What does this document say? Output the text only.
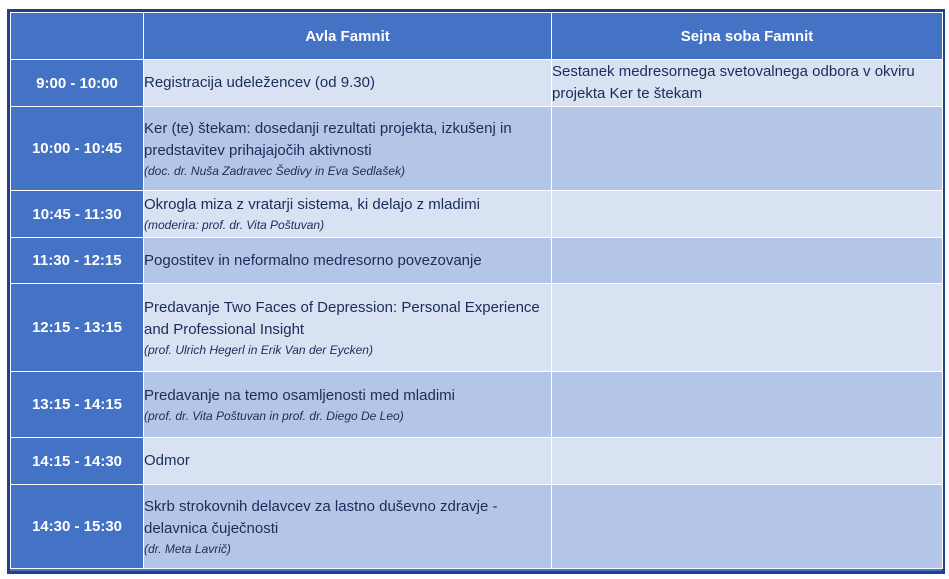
	Avla Famnit	Sejna soba Famnit
9:00 - 10:00	Registracija udeležencev (od 9.30)	Sestanek medresornega svetovalnega odbora v okviru projekta Ker te štekam

10:00 - 10:45	Ker (te) štekam: dosedanji rezultati projekta, izkušenj in predstavitev prihajajočih aktivnosti
(doc. dr. Nuša Zadravec Šedivy in Eva Sedlašek)	

10:45 - 11:30	Okrogla miza z vratarji sistema, ki delajo z mladimi
(moderira: prof. dr. Vita Poštuvan)	

11:30 - 12:15	Pogostitev in neformalno medresorno povezovanje	

12:15 - 13:15	Predavanje Two Faces of Depression: Personal Experience and Professional Insight
(prof. Ulrich Hegerl in Erik Van der Eycken)	

13:15 - 14:15	Predavanje na temo osamljenosti med mladimi
(prof. dr. Vita Poštuvan in prof. dr. Diego De Leo)	

14:15 - 14:30	Odmor	

14:30 - 15:30	Skrb strokovnih delavcev za lastno duševno zdravje - delavnica čuječnosti
(dr. Meta Lavrič)	
